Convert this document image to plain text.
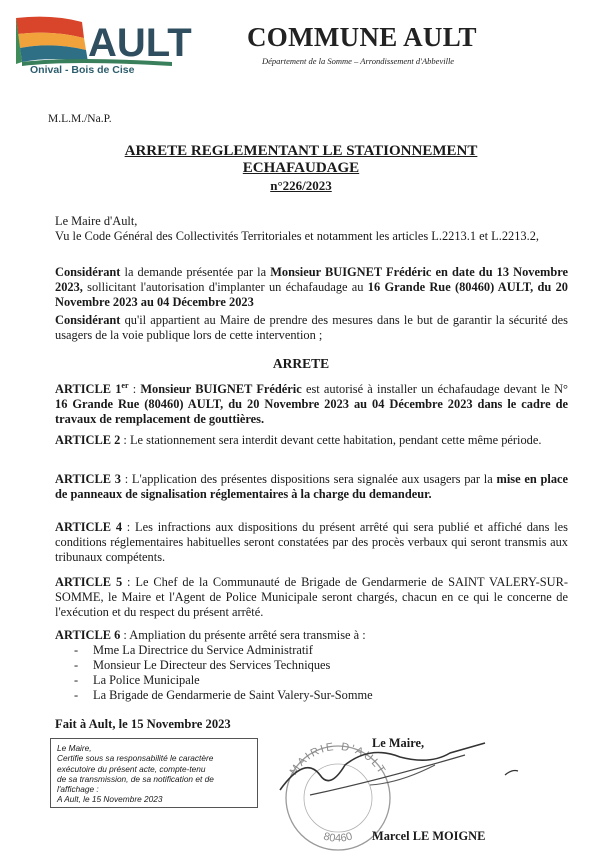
AULT
Onival - Bois de Cise
COMMUNE AULT
Département de la Somme – Arrondissement d'Abbeville
M.L.M./Na.P.
ARRETE REGLEMENTANT LE STATIONNEMENT
ECHAFAUDAGE
n°226/2023
Le Maire d'Ault,
Vu le Code Général des Collectivités Territoriales et notamment les articles L.2213.1 et L.2213.2,
Considérant la demande présentée par la Monsieur BUIGNET Frédéric en date du 13 Novembre 2023, sollicitant l'autorisation d'implanter un échafaudage au 16 Grande Rue (80460) AULT, du 20 Novembre 2023 au 04 Décembre 2023
Considérant qu'il appartient au Maire de prendre des mesures dans le but de garantir la sécurité des usagers de la voie publique lors de cette intervention ;
ARRETE
ARTICLE 1er : Monsieur BUIGNET Frédéric est autorisé à installer un échafaudage devant le N° 16 Grande Rue (80460) AULT, du 20 Novembre 2023 au 04 Décembre 2023 dans le cadre de travaux de remplacement de gouttières.
ARTICLE 2 : Le stationnement sera interdit devant cette habitation, pendant cette même période.
ARTICLE 3 : L'application des présentes dispositions sera signalée aux usagers par la mise en place de panneaux de signalisation réglementaires à la charge du demandeur.
ARTICLE 4 : Les infractions aux dispositions du présent arrêté qui sera publié et affiché dans les conditions réglementaires habituelles seront constatées par des procès verbaux qui seront transmis aux tribunaux compétents.
ARTICLE 5 : Le Chef de la Communauté de Brigade de Gendarmerie de SAINT VALERY-SUR-SOMME, le Maire et l'Agent de Police Municipale seront chargés, chacun en ce qui le concerne de l'exécution et du respect du présent arrêté.
ARTICLE 6 : Ampliation du présente arrêté sera transmise à :
- Mme La Directrice du Service Administratif
- Monsieur Le Directeur des Services Techniques
- La Police Municipale
- La Brigade de Gendarmerie de Saint Valery-Sur-Somme
Fait à Ault, le 15 Novembre 2023
Le Maire,
Certifie sous sa responsabilité le caractère
exécutoire du présent acte, compte-tenu
de sa transmission, de sa notification et de
l'affichage :
A Ault, le 15 Novembre 2023
MAIRIE D'AULT
80460
Le Maire,
Marcel LE MOIGNE
